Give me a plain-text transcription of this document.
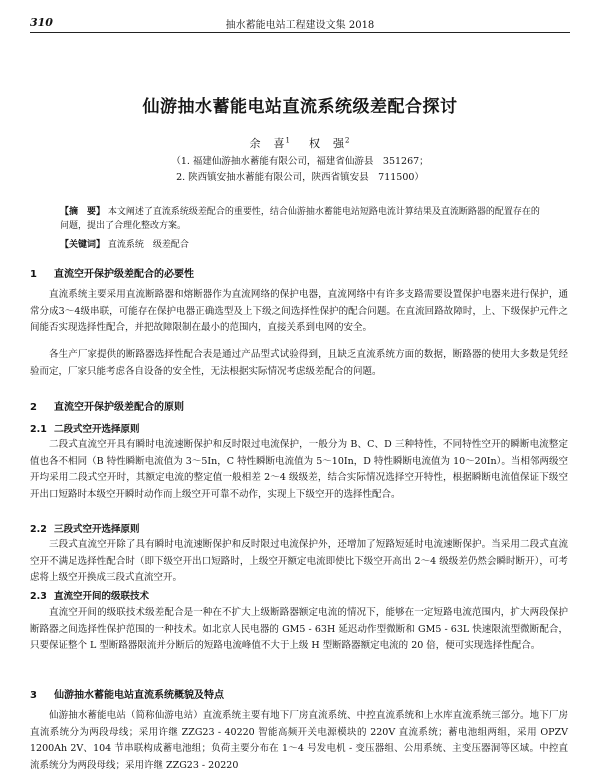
310	抽水蓄能电站工程建设文集 2018
仙游抽水蓄能电站直流系统级差配合探讨
余　喜$^1$ 权　强$^2$
（1. 福建仙游抽水蓄能有限公司，福建省仙游县　351267；
2. 陕西镇安抽水蓄能有限公司，陕西省镇安县　711500）
【摘　要】 本文阐述了直流系统级差配合的重要性，结合仙游抽水蓄能电站短路电流计算结果及直流断路器的配置存在的问题，提出了合理化整改方案。
【关键词】 直流系统　级差配合
1 直流空开保护级差配合的必要性

直流系统主要采用直流断路器和熔断器作为直流网络的保护电器，直流网络中有许多支路需要设置保护电器来进行保护，通常分成3～4级串联，可能存在保护电器正确选型及上下级之间选择性保护的配合问题。在直流回路故障时，上、下级保护元件之间能否实现选择性配合，并把故障限制在最小的范围内，直接关系到电网的安全。

各生产厂家提供的断路器选择性配合表是通过产品型式试验得到，且缺乏直流系统方面的数据，断路器的使用大多数是凭经验而定，厂家只能考虑各自设备的安全性，无法根据实际情况考虑级差配合的问题。

2 直流空开保护级差配合的原则
2.1 二段式空开选择原则

二段式直流空开具有瞬时电流速断保护和反时限过电流保护，一般分为 B、C、D 三种特性，不同特性空开的瞬断电流整定值也各不相同（B 特性瞬断电流值为 3～5In，C 特性瞬断电流值为 5～10In，D 特性瞬断电流值为 10～20In）。当相邻两级空开均采用二段式空开时，其额定电流的整定值一般相差 2～4 级级差，结合实际情况选择空开特性，根据瞬断电流值保证下级空开出口短路时本级空开瞬时动作而上级空开可靠不动作，实现上下级空开的选择性配合。

2.2 三段式空开选择原则

三段式直流空开除了具有瞬时电流速断保护和反时限过电流保护外，还增加了短路短延时电流速断保护。当采用二段式直流空开不满足选择性配合时（即下级空开出口短路时，上级空开额定电流即使比下级空开高出 2～4 级级差仍然会瞬时断开），可考虑将上级空开换成三段式直流空开。

2.3 直流空开间的级联技术

直流空开间的级联技术级差配合是一种在不扩大上级断路器额定电流的情况下，能够在一定短路电流范围内，扩大两段保护断路器之间选择性保护范围的一种技术。如北京人民电器的 GM5 - 63H 延迟动作型微断和 GM5 - 63L 快速限流型微断配合，只要保证整个 L 型断路器限流并分断后的短路电流峰值不大于上级 H 型断路器额定电流的 20 倍，便可实现选择性配合。

3 仙游抽水蓄能电站直流系统概貌及特点

仙游抽水蓄能电站（简称仙游电站）直流系统主要有地下厂房直流系统、中控直流系统和上水库直流系统三部分。地下厂房直流系统分为两段母线；采用许继 ZZG23 - 40220 智能高频开关电源模块的 220V 直流系统；蓄电池组两组，采用 OPZV 1200Ah 2V、104 节串联构成蓄电池组；负荷主要分布在 1～4 号发电机 - 变压器组、公用系统、主变压器洞等区域。中控直流系统分为两段母线；采用许继 ZZG23 - 20220
